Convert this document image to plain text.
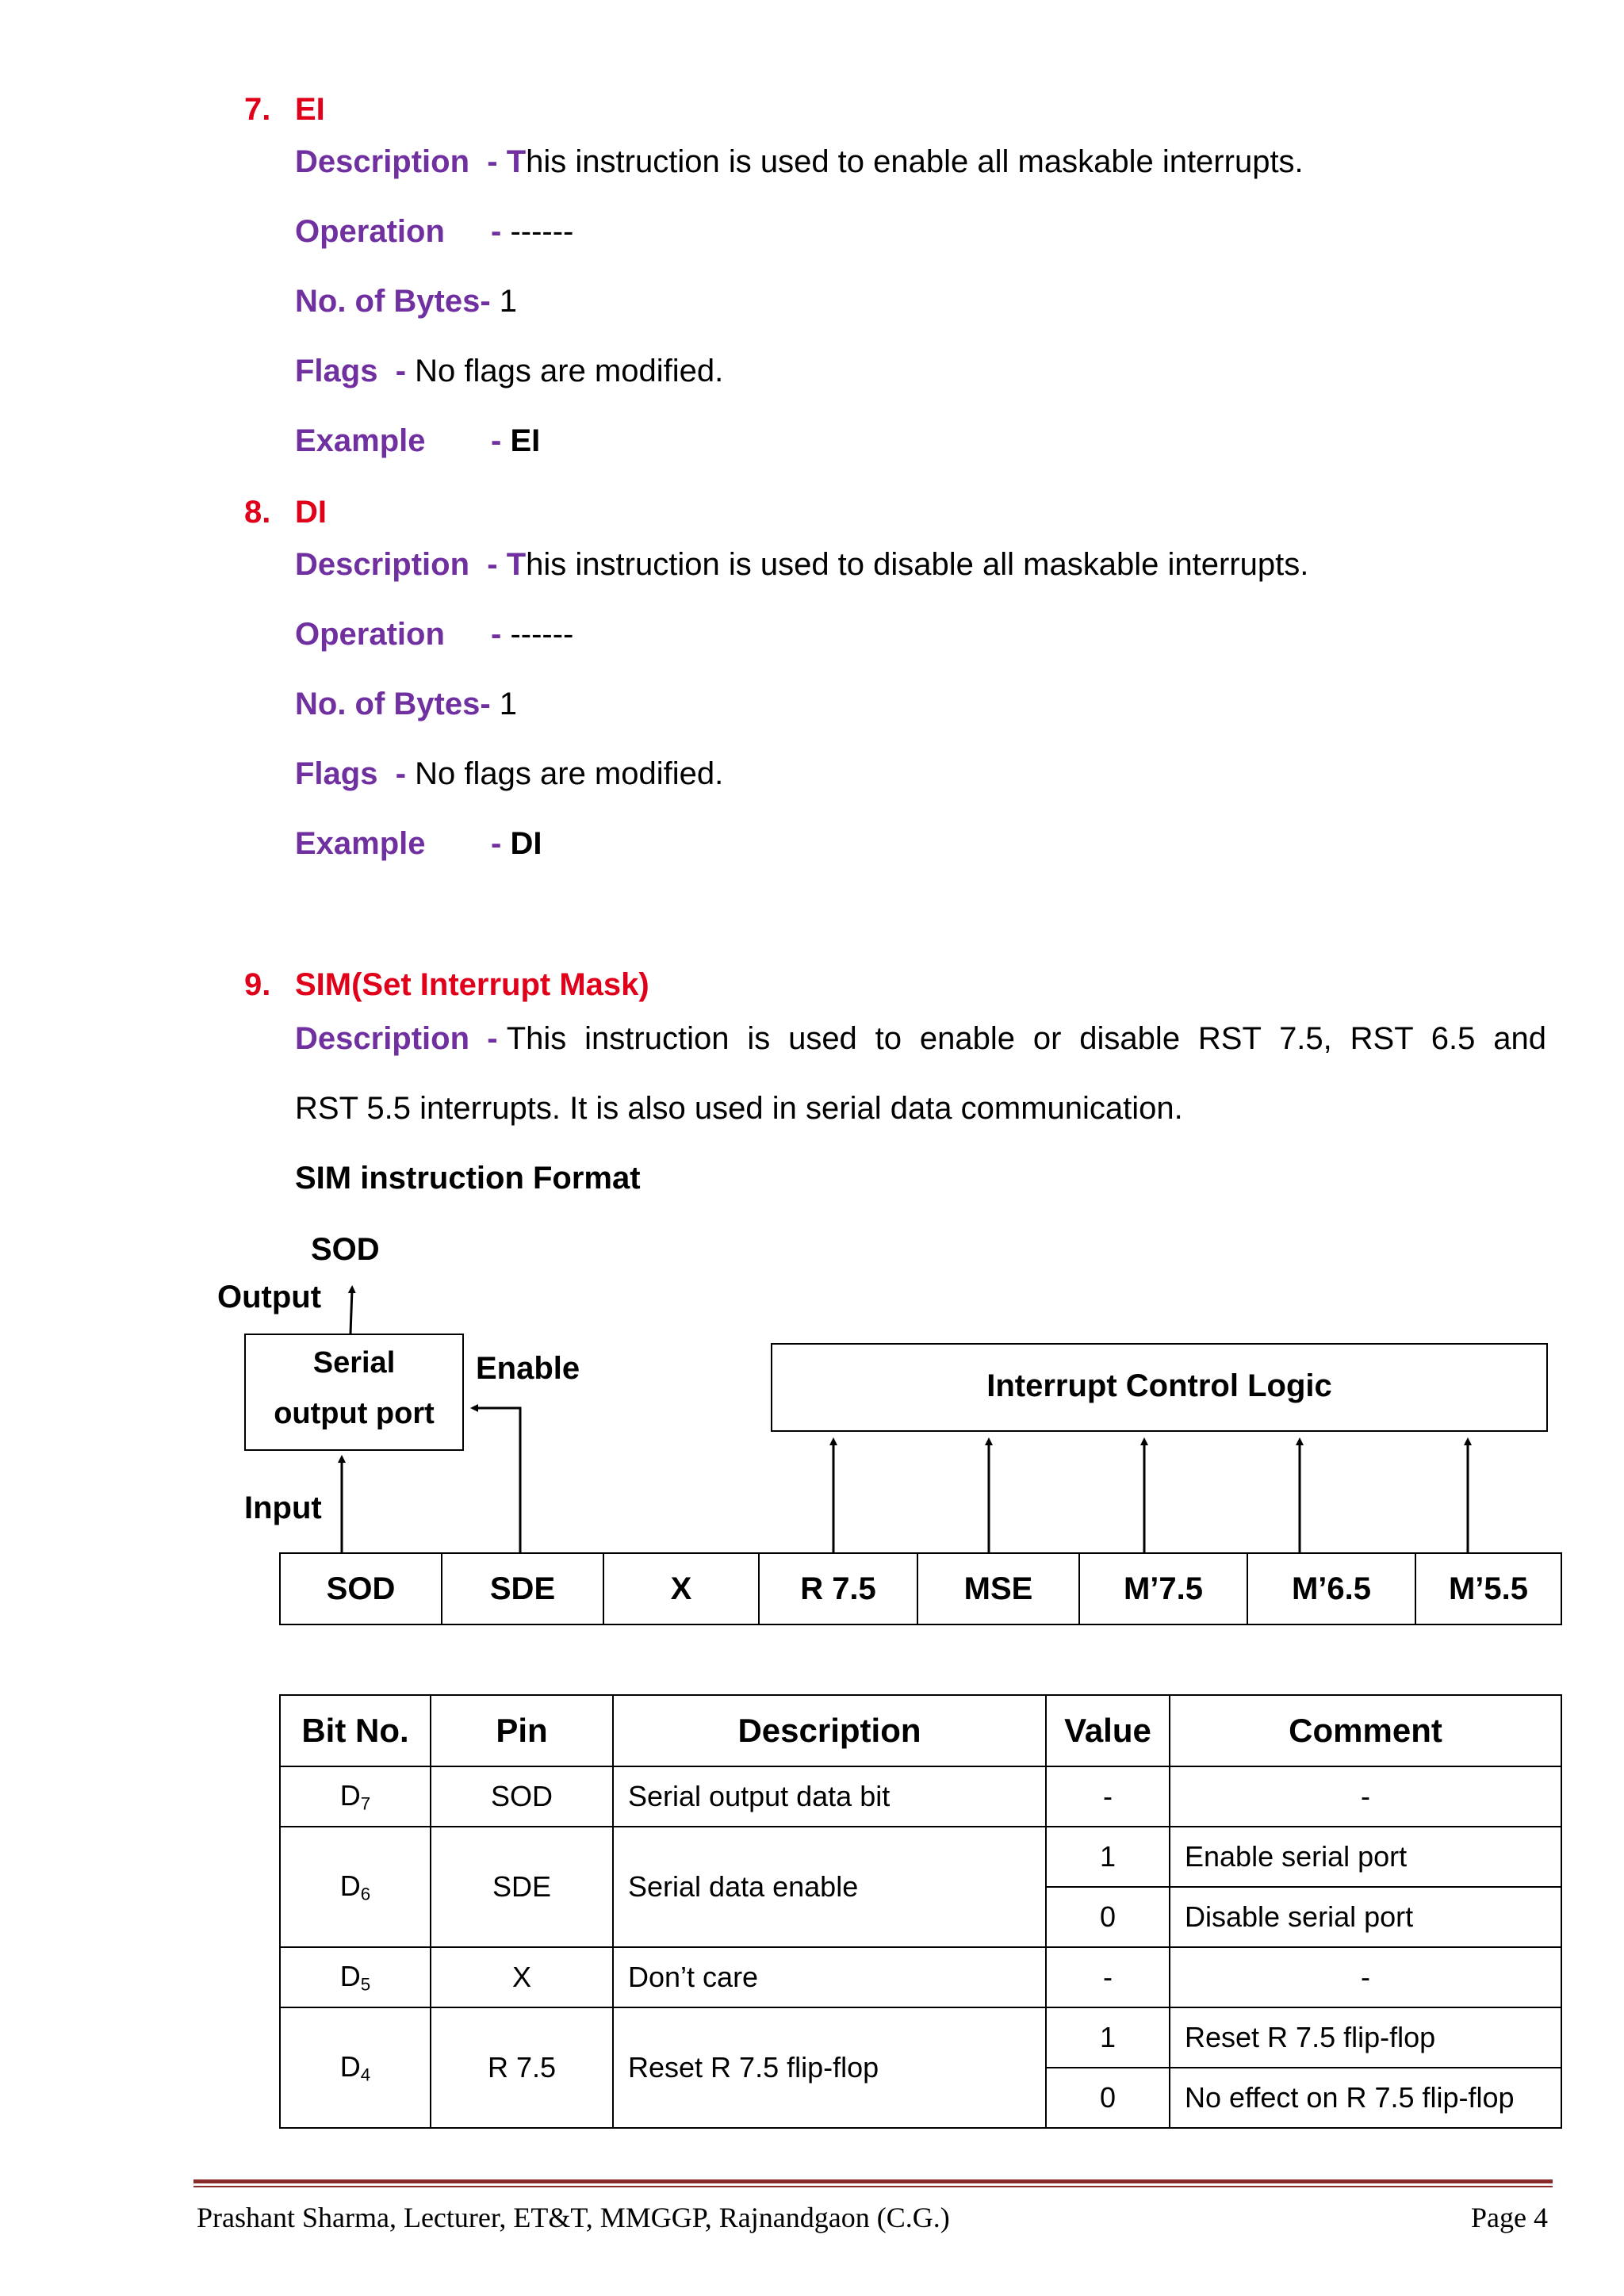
7. EI
Description  - This instruction is used to enable all maskable interrupts.
Operation - ------
No. of Bytes- 1
Flags  - No flags are modified.
Example - EI
8. DI
Description  - This instruction is used to disable all maskable interrupts.
Operation - ------
No. of Bytes- 1
Flags  - No flags are modified.
Example - DI
9. SIM(Set Interrupt Mask)
Description - This instruction is used to enable or disable RST 7.5, RST 6.5 and
RST 5.5 interrupts. It is also used in serial data communication.
SIM instruction Format
SOD
Output
Serial
output port
Enable
Input
Interrupt Control Logic
SOD	SDE	X	R 7.5	MSE	M’7.5	M’6.5	M’5.5
Bit No.	Pin	Description	Value	Comment
$D_7$	SOD	Serial output data bit	-	-
$D_6$	SDE	Serial data enable	1	Enable serial port
			0	Disable serial port
$D_5$	X	Don’t care	-	-
$D_4$	R 7.5	Reset R 7.5 flip-flop	1	Reset R 7.5 flip-flop
			0	No effect on R 7.5 flip-flop
Prashant Sharma, Lecturer, ET&T, MMGGP, Rajnandgaon (C.G.)	Page 4
